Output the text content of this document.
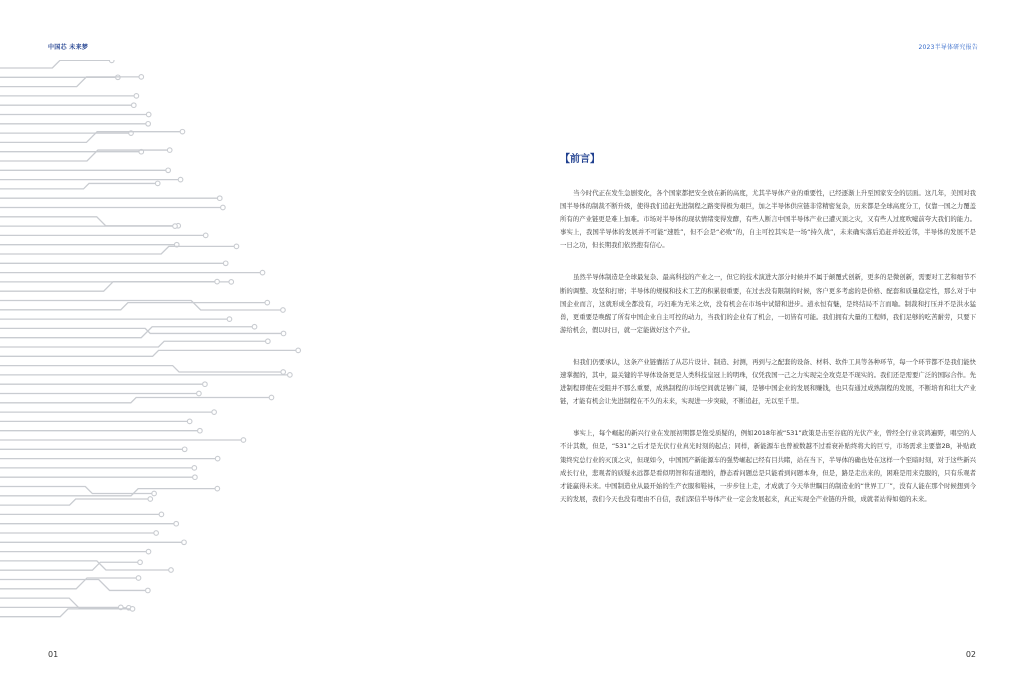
中国芯 未来梦	2023半导体研究报告
【前言】

当今时代正在发生急剧变化，各个国家都把安全放在新的高度，尤其半导体产业的重要性，已经逐渐上升至国家安全的层面。这几年，美国对我国半导体的制裁不断升级，使得我们追赶先进制程之路变得极为艰巨，加之半导体供应链非常精密复杂，历来都是全球高度分工，仅靠一国之力覆盖所有的产业链更是难上加难。市场对半导体的现状情绪变得发酵，有些人断言中国半导体产业已遭灭顶之灾，又有些人过度吹嘘前夸大我们的能力。事实上，我国半导体的发展并不可能“速胜”，但不会是“必败”的，自主可控其实是一场“持久战”，未来确实落后追赶并较近邻，半导体的发展不是一日之功，但长期我们依然抱有信心。

虽然半导体制造是全球最复杂、最高科技的产业之一，但它的技术演进大部分时候并不属于颠覆式创新，更多的是微创新，需要对工艺和细节不断的调整、攻坚和打磨；半导体的规模和技术工艺的积累很重要，在过去没有限制的时候，客户更多考虑的是价格、配套和质量稳定性，那么对于中国企业而言，这就形成全都没有，巧妇难为无米之炊，没有机会在市场中试错和进步。道永恒有魅，是终结局不言而喻。制裁和打压并不是洪水猛兽，更重要是唤醒了所有中国企业自主可控的动力，当我们的企业有了机会，一切皆有可能。我们拥有大量的工程师，我们足够的吃苦耐劳，只要下游给机会，假以时日，就一定能做好这个产业。

但我们仍要承认，这条产业链囊括了从芯片设计、制造、封测，再到与之配套的设备、材料、软件工具等各种环节，每一个环节都不是我们能快速掌握的，其中，最关键的半导体设备更是人类科技皇冠上的明珠，仅凭我国一己之力实现完全攻克是不现实的。我们还是需要广泛的国际合作。先进制程即使在受阻并不那么重要，成熟制程的市场空间就足够广阔，是够中国企业的发展和赚钱，也只有通过成熟制程的发展，不断培育和壮大产业链，才能有机会让先进制程在不久的未来，实现进一步突破，不断追赶，无以至千里。

事实上，每个崛起的新兴行业在发展初期都是饱受质疑的，例如2018年被“531”政策是击至谷底的光伏产业，曾经全行业哀鸿遍野，唱空的人不计其数，但是，“531”之后才是光伏行业真光时刻的起点；同样，新能源车也曾被数越不过看衰补贴终将大的巨亏，市场需求主要靠2B，补贴政策终究总行业的灭顶之灾，但现如今，中国国产新能源车的强势崛起已经有目共睹，站在当下，半导体的确也处在这样一个至暗时刻，对于这些新兴成长行业，悲观者的质疑永远都是看似明智和有道理的，静态看问题总是只能看到问题本身，但是，路是走出来的，困难是用来克服的，只有乐观者才能赢得未来。中国制造业从最开始的生产衣服和鞋袜，一步步往上走，才成就了今天举世瞩目的制造业的“世界工厂”，没有人能在那个时候想到今天的发展，我们今天也没有理由不自信，我们深信半导体产业一定会发展起来，真正实现全产业链的升级，成就者站得如姐的未来。

01	02
